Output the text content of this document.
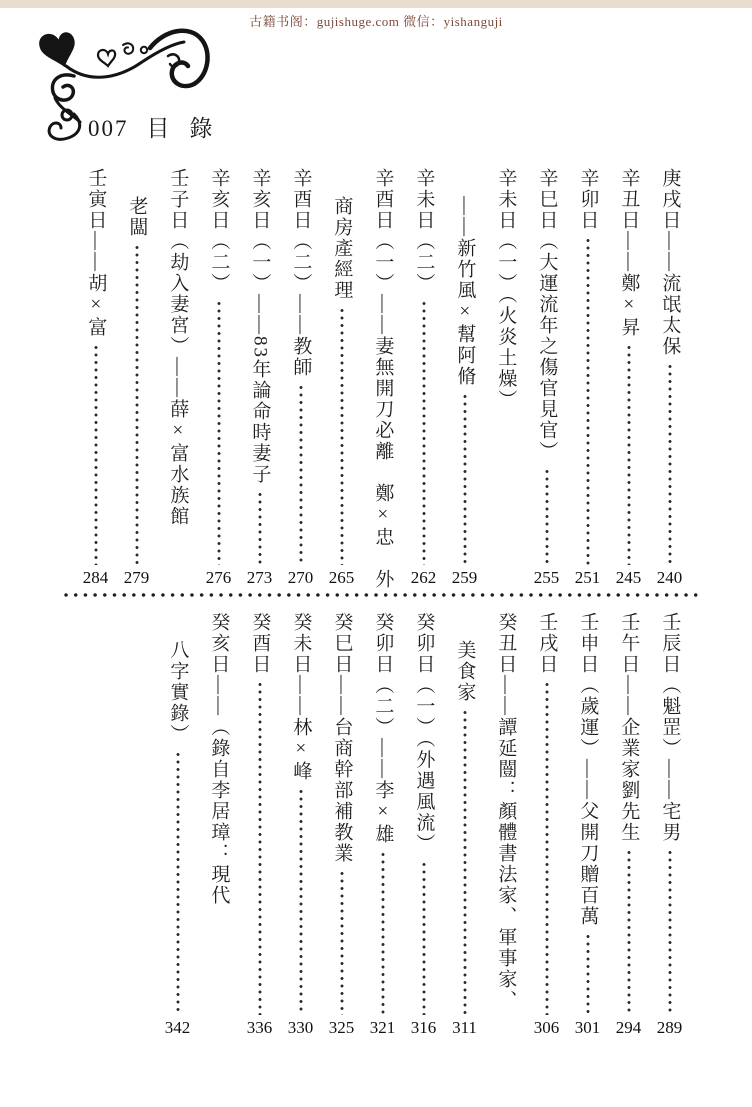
古籍书阁：gujishuge.com 微信：yishanguji
007 目錄
庚戌日——流氓太保
240
辛丑日——鄭×昇
245
辛卯日
251
辛巳日（大運流年之傷官見官）
255
辛未日（一）（火炎土燥）
——新竹風×幫阿脩
259
辛未日（二）
262
辛酉日（一）——妻無開刀必離　鄭×忠　外
商房產經理
265
辛酉日（二）——教師
270
辛亥日（一）——83年論命時妻子
273
辛亥日（二）
276
壬子日（劫入妻宮）——薛×富水族館
老闆
279
壬寅日——胡×富
284
壬辰日（魁罡）——宅男
289
壬午日——企業家劉先生
294
壬申日（歲運）——父開刀贈百萬
301
壬戌日
306
癸丑日——譚延闓：顏體書法家、軍事家、
美食家
311
癸卯日（一）（外遇風流）
316
癸卯日（二）——李×雄
321
癸巳日——台商幹部補教業
325
癸未日——林×峰
330
癸酉日
336
癸亥日——（錄自李居璋：現代
八字實錄）
342
